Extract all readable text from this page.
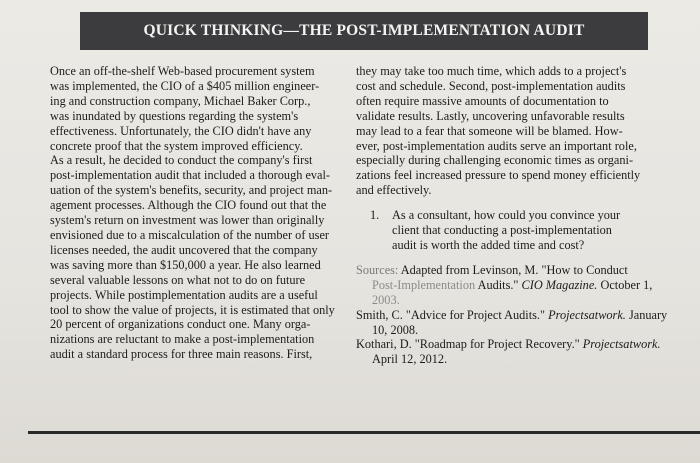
QUICK THINKING—THE POST-IMPLEMENTATION AUDIT

Once an off-the-shelf Web-based procurement system
was implemented, the CIO of a $405 million engineer-
ing and construction company, Michael Baker Corp.,
was inundated by questions regarding the system's
effectiveness. Unfortunately, the CIO didn't have any
concrete proof that the system improved efficiency.
As a result, he decided to conduct the company's first
post-implementation audit that included a thorough eval-
uation of the system's benefits, security, and project man-
agement processes. Although the CIO found out that the
system's return on investment was lower than originally
envisioned due to a miscalculation of the number of user
licenses needed, the audit uncovered that the company
was saving more than $150,000 a year. He also learned
several valuable lessons on what not to do on future
projects. While postimplementation audits are a useful
tool to show the value of projects, it is estimated that only
20 percent of organizations conduct one. Many orga-
nizations are reluctant to make a post-implementation
audit a standard process for three main reasons. First,

they may take too much time, which adds to a project's
cost and schedule. Second, post-implementation audits
often require massive amounts of documentation to
validate results. Lastly, uncovering unfavorable results
may lead to a fear that someone will be blamed. How-
ever, post-implementation audits serve an important role,
especially during challenging economic times as organi-
zations feel increased pressure to spend money efficiently
and effectively.

1.	As a consultant, how could you convince your
client that conducting a post-implementation
audit is worth the added time and cost?
Sources: Adapted from Levinson, M. "How to Conduct
Post-Implementation Audits." CIO Magazine. October 1,
2003.
Smith, C. "Advice for Project Audits." Projectsatwork. January
10, 2008.
Kothari, D. "Roadmap for Project Recovery." Projectsatwork.
April 12, 2012.
